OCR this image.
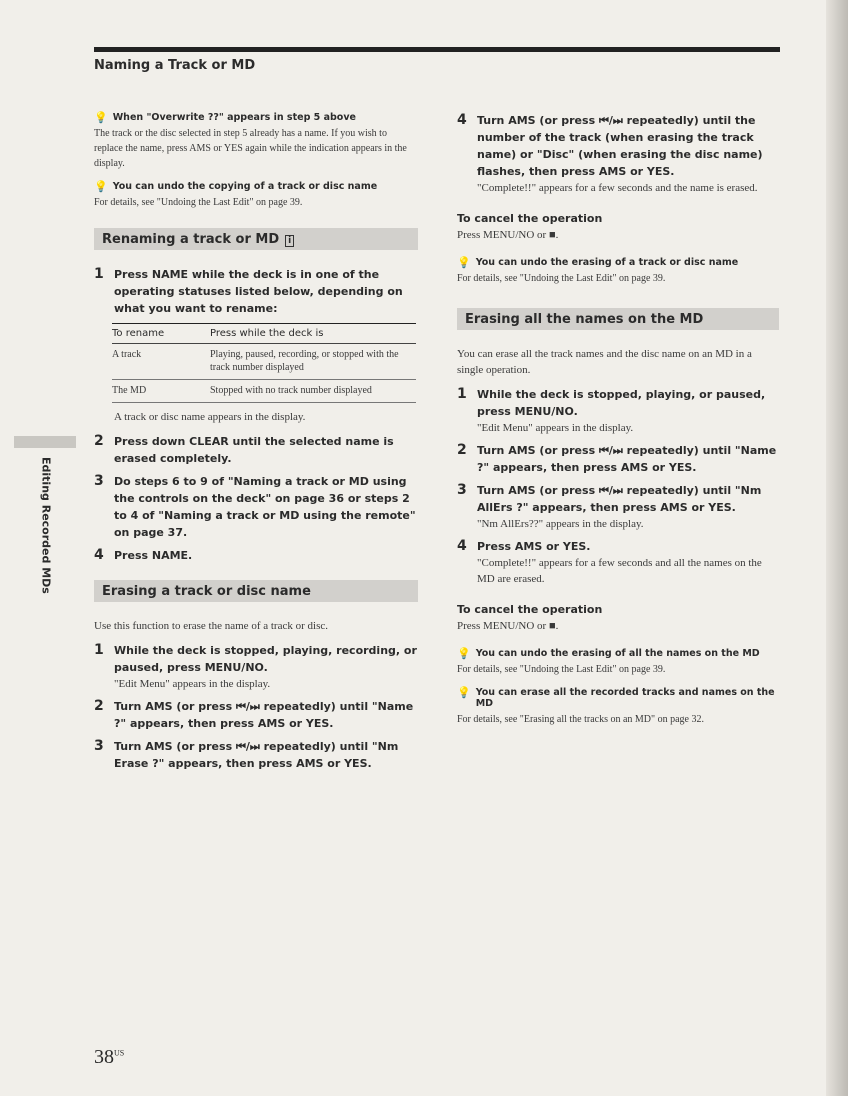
Naming a Track or MD
Editing Recorded MDs
💡 When "Overwrite ??" appears in step 5 above

The track or the disc selected in step 5 already has a name. If you wish to replace the name, press AMS or YES again while the indication appears in the display.

💡 You can undo the copying of a track or disc name

For details, see "Undoing the Last Edit" on page 39.

Renaming a track or MD i
1 Press NAME while the deck is in one of the operating statuses listed below, depending on what you want to rename:
To rename	Press while the deck is
A track	Playing, paused, recording, or stopped with the track number displayed
The MD	Stopped with no track number displayed

A track or disc name appears in the display.

2 Press down CLEAR until the selected name is erased completely.
3 Do steps 6 to 9 of "Naming a track or MD using the controls on the deck" on page 36 or steps 2 to 4 of "Naming a track or MD using the remote" on page 37.
4 Press NAME.
Erasing a track or disc name

Use this function to erase the name of a track or disc.

1 While the deck is stopped, playing, recording, or paused, press MENU/NO.
"Edit Menu" appears in the display.
2 Turn AMS (or press ⏮/⏭ repeatedly) until "Name ?" appears, then press AMS or YES.
3 Turn AMS (or press ⏮/⏭ repeatedly) until "Nm Erase ?" appears, then press AMS or YES.
4 Turn AMS (or press ⏮/⏭ repeatedly) until the number of the track (when erasing the track name) or "Disc" (when erasing the disc name) flashes, then press AMS or YES.
"Complete!!" appears for a few seconds and the name is erased.
To cancel the operation

Press MENU/NO or ■.

💡 You can undo the erasing of a track or disc name

For details, see "Undoing the Last Edit" on page 39.

Erasing all the names on the MD

You can erase all the track names and the disc name on an MD in a single operation.

1 While the deck is stopped, playing, or paused, press MENU/NO.
"Edit Menu" appears in the display.
2 Turn AMS (or press ⏮/⏭ repeatedly) until "Name ?" appears, then press AMS or YES.
3 Turn AMS (or press ⏮/⏭ repeatedly) until "Nm AllErs ?" appears, then press AMS or YES.
"Nm AllErs??" appears in the display.
4 Press AMS or YES.
"Complete!!" appears for a few seconds and all the names on the MD are erased.
To cancel the operation

Press MENU/NO or ■.

💡 You can undo the erasing of all the names on the MD

For details, see "Undoing the Last Edit" on page 39.

💡 You can erase all the recorded tracks and names on the MD

For details, see "Erasing all the tracks on an MD" on page 32.

$38^{US}$
